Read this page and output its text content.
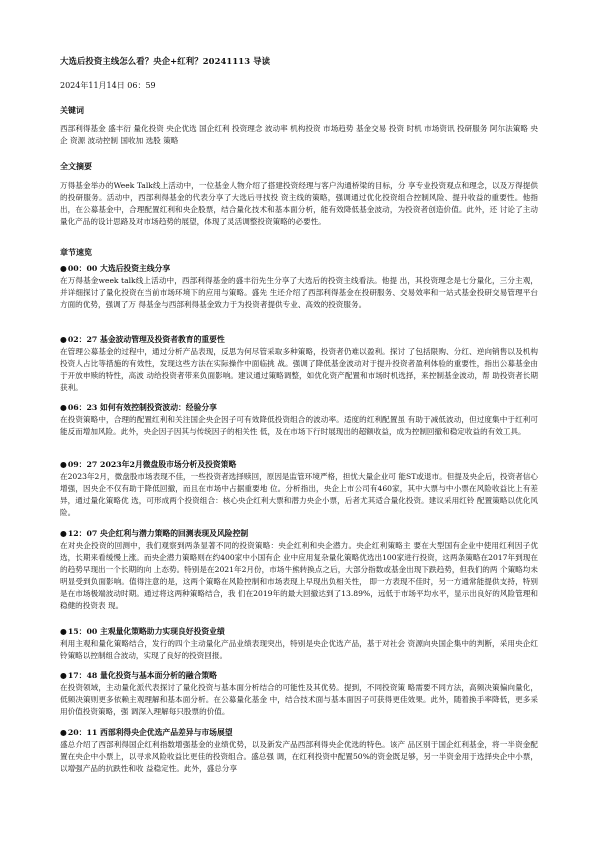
大选后投资主线怎么看？央企+红利？20241113 导读
2024年11月14日 06：59
关键词
西部利得基金 盛丰衍 量化投资 央企优选 国企红利 投资理念 波动率 机构投资 市场趋势 基金交易 投资 时机 市场资讯 投研服务 阿尔法策略 央企 资源 波动控制 国收加 选股 策略
全文摘要
万得基金举办的Week Talk线上活动中，一位基金人物介绍了搭建投资经理与客户沟通桥梁的目标，分 享专业投资观点和理念，以及万得提供的投研服务。活动中，西部利得基金的代表分享了大选后寻找投 资主线的策略，强调通过优化投资组合控制风险、提升收益的重要性。他指出，在公募基金中，合理配置红利和央企股票，结合量化技术和基本面分析，能有效降低基金波动，为投资者创造价值。此外，还 讨论了主动量化产品的设计思路及对市场趋势的展望，体现了灵活调整投资策略的必要性。
章节速览
●00：00 大选后投资主线分享

在万得基金week talk线上活动中，西部利得基金的盛丰衍先生分享了大选后的投资主线看法。他提 出，其投资理念是七分量化，三分主观，并详细探讨了量化投资在当前市场环境下的应用与策略。盛先 生还介绍了西部利得基金在投研服务、交易效率和一站式基金投研交易管理平台方面的优势，强调了万 得基金与西部利得基金致力于为投资者提供专业、高效的投资服务。

●02：27 基金波动管理及投资者教育的重要性

在管理公募基金的过程中，通过分析产品表现，反思为何尽管采取多种策略，投资者仍难以盈利。探讨 了包括限购、分红、逆向销售以及机构投资人占比等措施的有效性，发现这些方法在实际操作中面临挑 战。强调了降低基金波动对于提升投资者盈利体验的重要性，指出公募基金由于开放申赎的特性，高波 动给投资者带来负面影响。建议通过策略调整，如优化资产配置和市场时机选择，来控制基金波动，帮 助投资者长期获利。

●06：23 如何有效控制投资波动：经验分享

在投资策略中，合理的配置红利和关注国企央企因子可有效降低投资组合的波动率。适度的红利配置虽 有助于减低波动，但过度集中于红利可能反而增加风险。此外，央企因子因其与传统因子的相关性 低，及在市场下行时展现出的超额收益，成为控制回撤和稳定收益的有效工具。

●09：27 2023年2月微盘股市场分析及投资策略

在2023年2月，微盘股市场表现不佳，一些投资者选择赎回，原因是监管环境严格，担忧大量企业可 能ST或退市。但提及央企后，投资者信心增强，因央企不仅有助于降低回撤，而且在市场中占据重要地 位。分析指出，央企上市公司有460家，其中大票与中小票在风险收益比上有差异，通过量化策略优 选，可形成两个投资组合：核心央企红利大票和潜力央企小票，后者尤其适合量化投资。建议采用红铃 配置策略以优化风险。

●12：07 央企红利与潜力策略的回测表现及风险控制

在对央企投资的回测中，我们观察到两条显著不同的投资策略：央企红利和央企潜力。央企红利策略主 要在大型国有企业中使用红利因子优选，长期来看缓慢上涨。而央企潜力策略则在约400家中小国有企 业中应用复杂量化策略优选出100家进行投资，这两条策略在2017年到现在的趋势早现出一个长期的向 上态势。特别是在2021年2月份，市场牛熊转换点之后，大部分指数或基金出现下跌趋势，但我们的两 个策略均未明显受到负面影响。值得注意的是，这两个策略在风险控制和市场表现上早现出负相关性， 即一方表现不佳时，另一方通常能提供支持，特别是在市场极端波动时期。通过将这两种策略结合，我 们在2019年的最大回撤达到了13.89%，远低于市场平均水平，显示出良好的风险管理和稳健的投资表 现。

●15：00 主观量化策略助力实现良好投资业绩

利用主观和量化策略结合，发行的四个主动量化产品业绩表现突出，特别是央企优选产品，基于对社会 资源向央国企集中的判断，采用央企红铃策略以控制组合波动，实现了良好的投资回报。

●17：48 量化投资与基本面分析的融合策略

在投资领域，主动量化派代表探讨了量化投资与基本面分析结合的可能性及其优势。提到，不同投资策 略需要不同方法，高频决策偏向量化，低频决策则更多依赖主观理解和基本面分析。在公募量化基金 中，结合技术面与基本面因子可获得更佳效果。此外，随着换手率降低，更多采用价值投资策略，强 调深入理解每只股票的价值。

●20：11 西部利得央企优选产品差异与市场展望

盛总介绍了西部利得国企红利指数增强基金的业绩优势，以及新发产品西部利得央企优选的特色。该产 品区别于国企红利基金，将一半资金配置在央企中小票上，以寻求风险收益比更佳的投资组合。盛总强 调，在红利投资中配置50%的资金既足够，另一半资金用于选择央企中小票，以增强产品的抗跌性和收 益稳定性。此外，盛总分享
